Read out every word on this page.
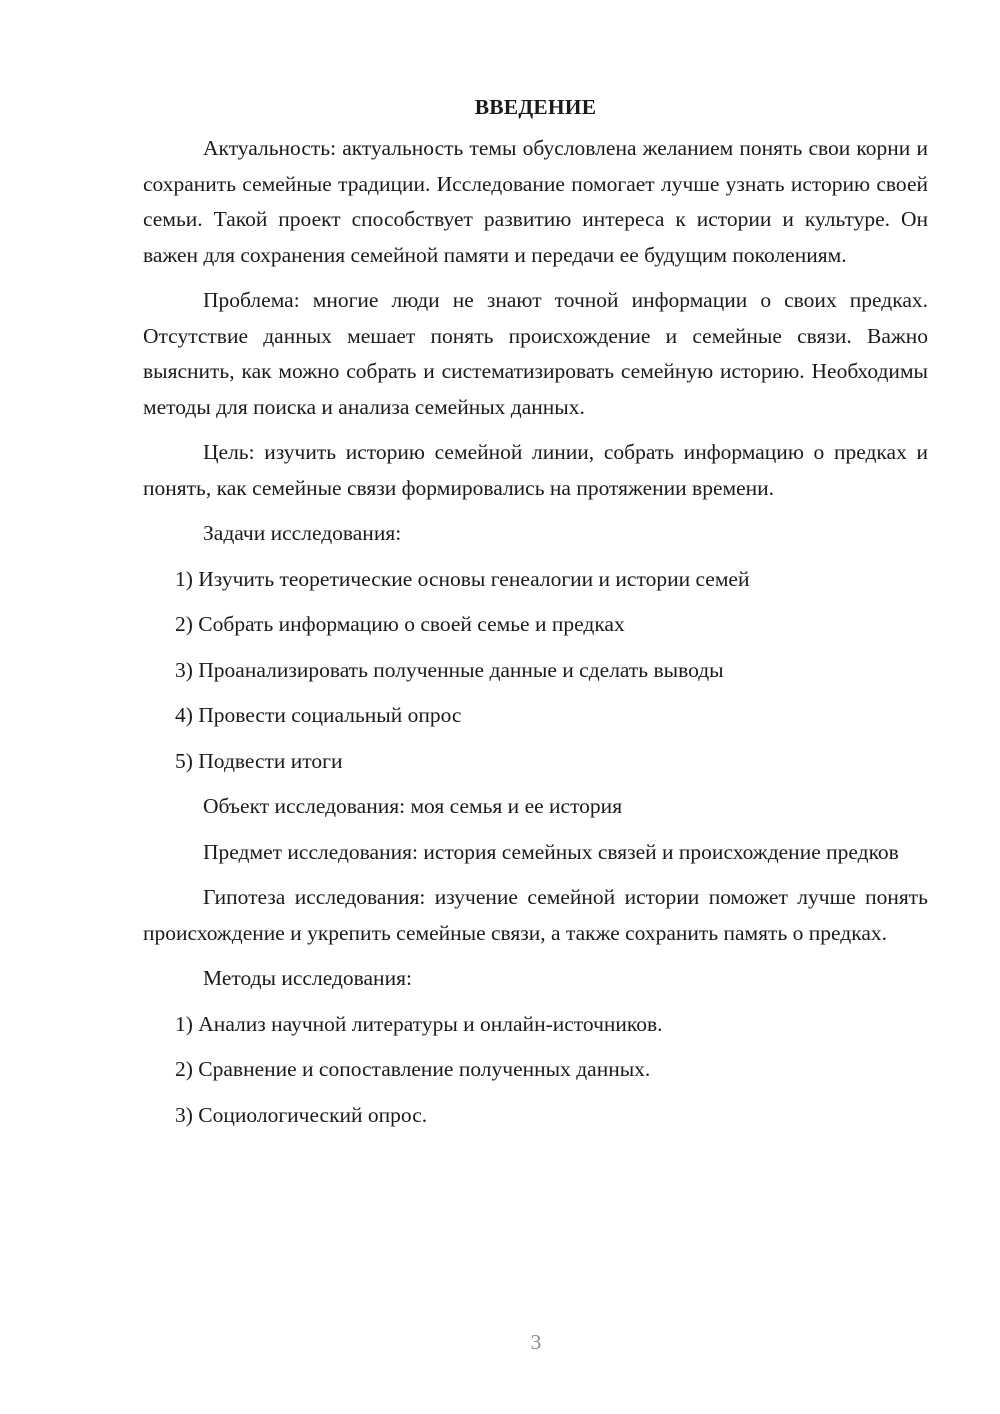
ВВЕДЕНИЕ

Актуальность: актуальность темы обусловлена желанием понять свои корни и сохранить семейные традиции. Исследование помогает лучше узнать историю своей семьи. Такой проект способствует развитию интереса к истории и культуре. Он важен для сохранения семейной памяти и передачи ее будущим поколениям.

Проблема: многие люди не знают точной информации о своих предках. Отсутствие данных мешает понять происхождение и семейные связи. Важно выяснить, как можно собрать и систематизировать семейную историю. Необходимы методы для поиска и анализа семейных данных.

Цель: изучить историю семейной линии, собрать информацию о предках и понять, как семейные связи формировались на протяжении времени.

Задачи исследования:

1) Изучить теоретические основы генеалогии и истории семей
2) Собрать информацию о своей семье и предках
3) Проанализировать полученные данные и сделать выводы
4) Провести социальный опрос
5) Подвести итоги

Объект исследования: моя семья и ее история

Предмет исследования: история семейных связей и происхождение предков

Гипотеза исследования: изучение семейной истории поможет лучше понять происхождение и укрепить семейные связи, а также сохранить память о предках.

Методы исследования:

1) Анализ научной литературы и онлайн-источников.
2) Сравнение и сопоставление полученных данных.
3) Социологический опрос.
3
